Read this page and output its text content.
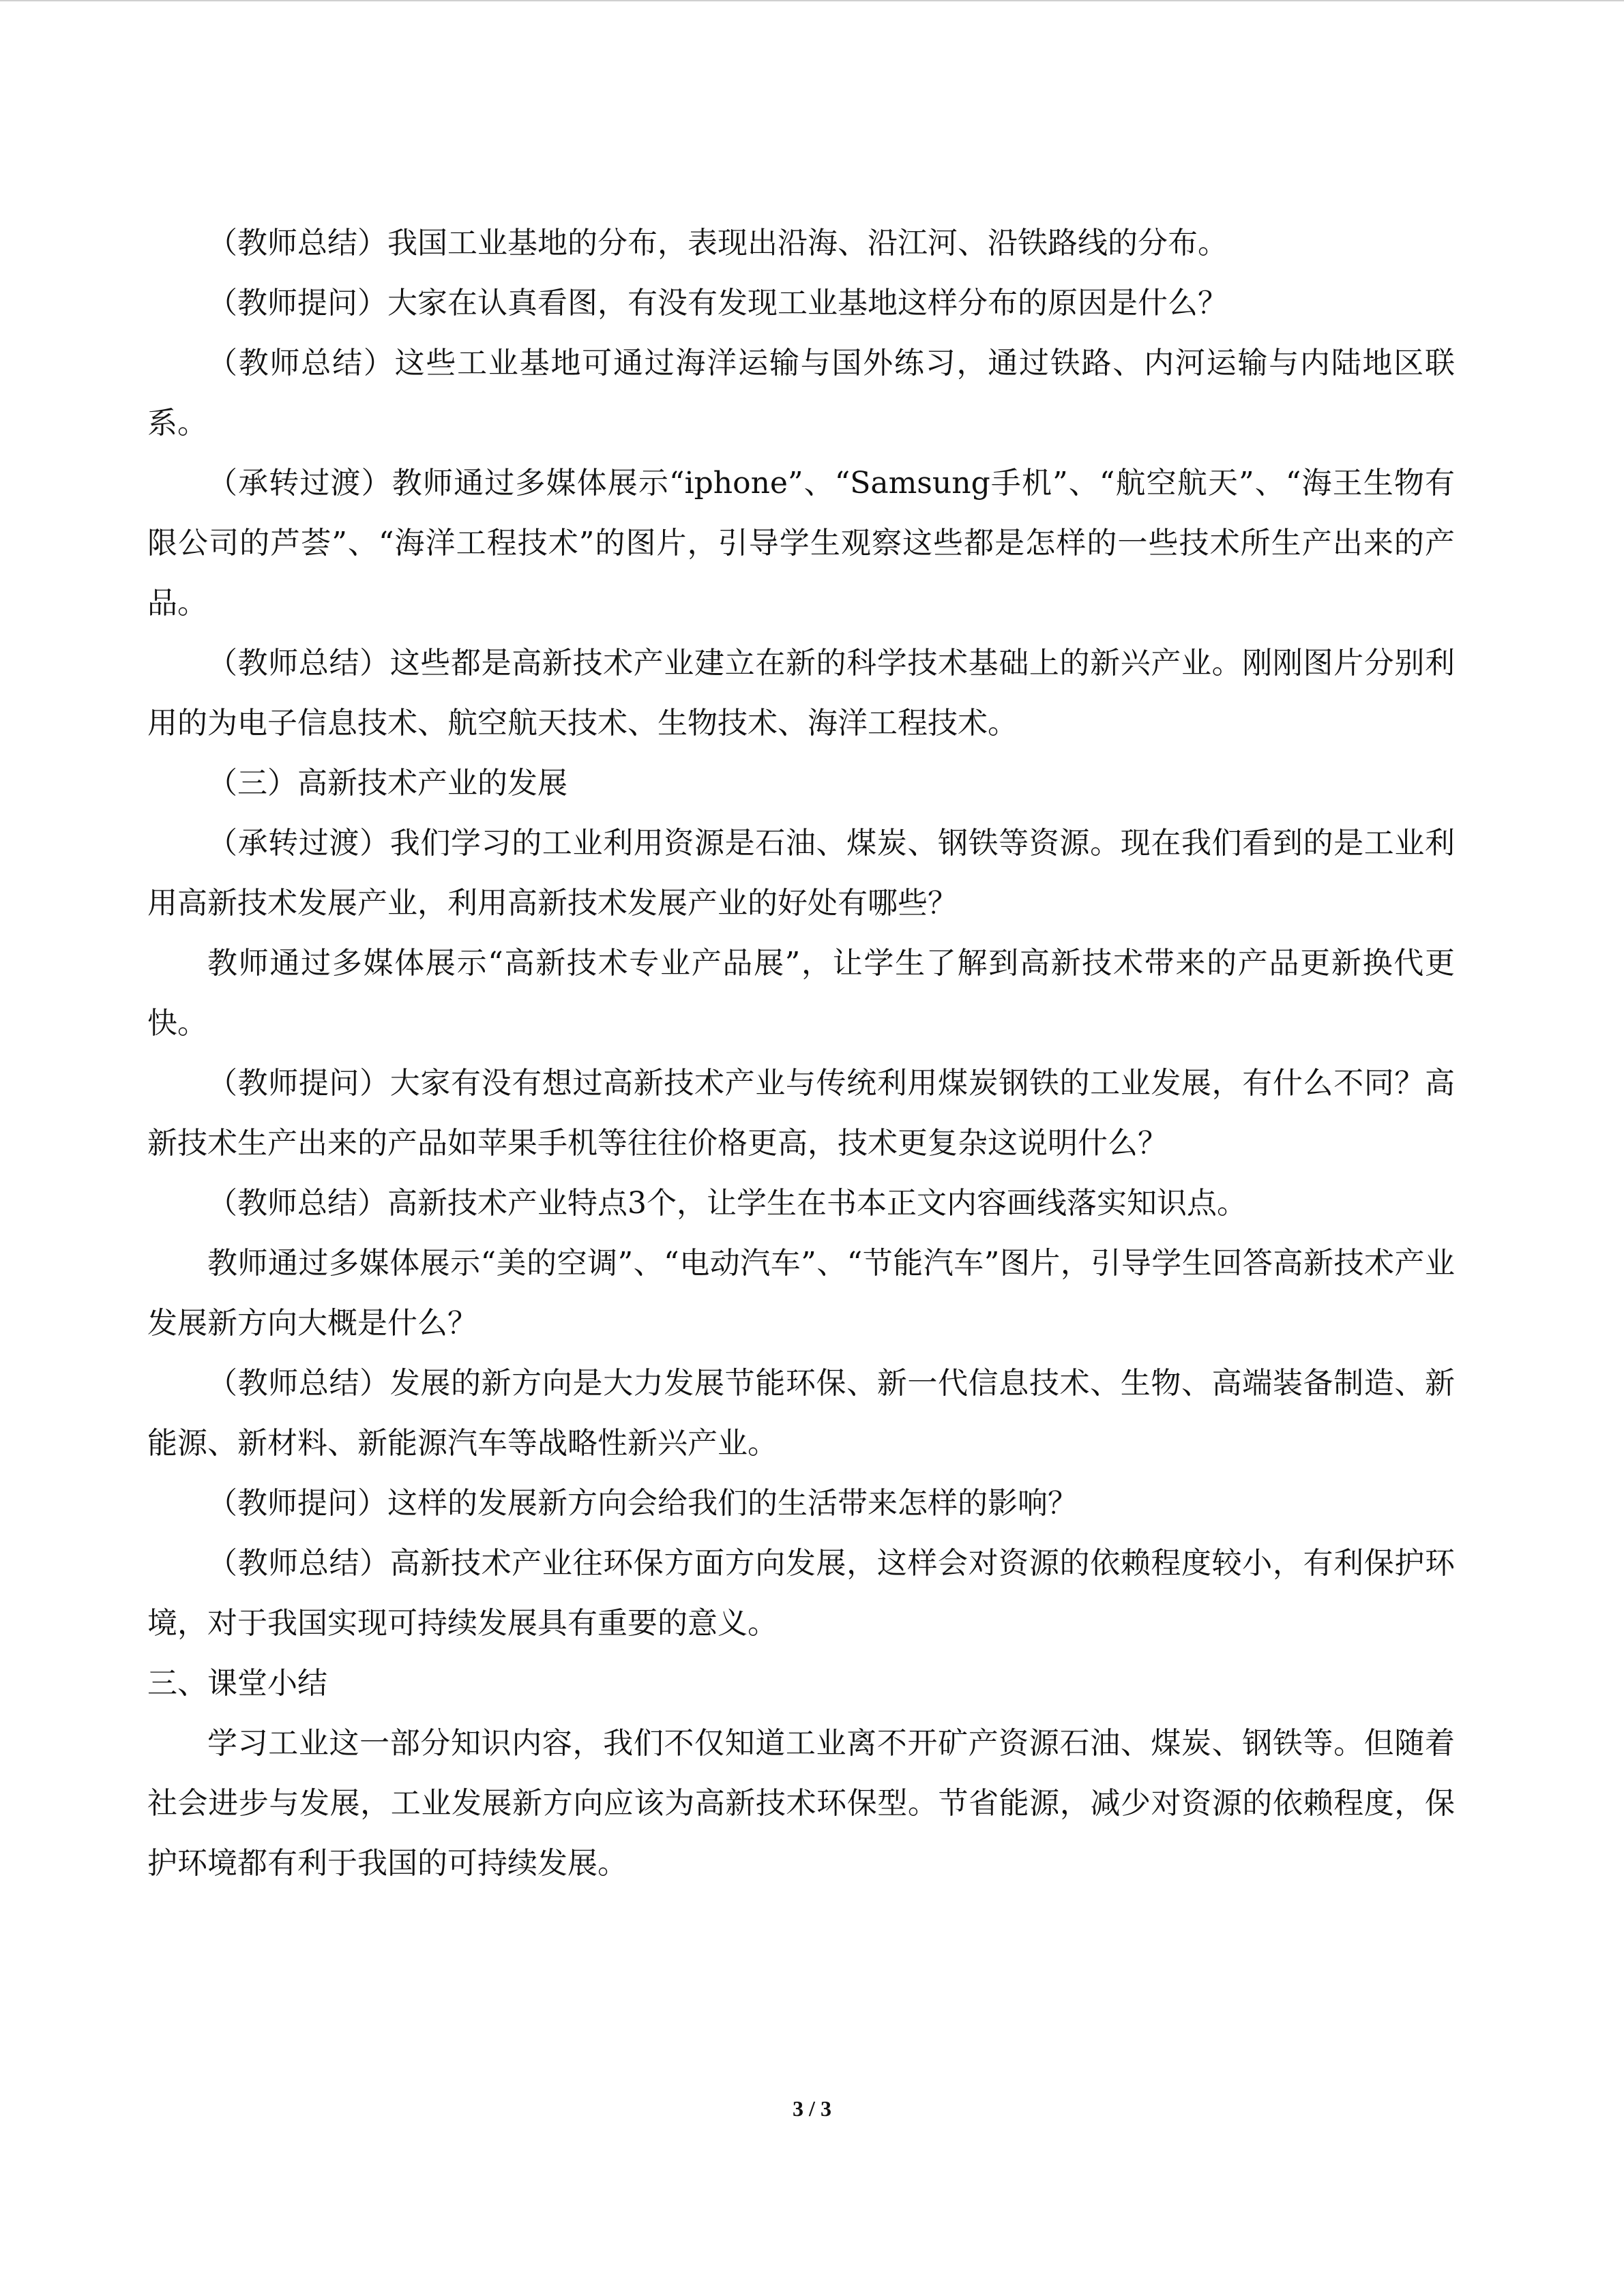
（教师总结）我国工业基地的分布，表现出沿海、沿江河、沿铁路线的分布。

（教师提问）大家在认真看图，有没有发现工业基地这样分布的原因是什么？

（教师总结）这些工业基地可通过海洋运输与国外练习，通过铁路、内河运输与内陆地区联系。

（承转过渡）教师通过多媒体展示“iphone”、“Samsung手机”、“航空航天”、“海王生物有限公司的芦荟”、“海洋工程技术”的图片，引导学生观察这些都是怎样的一些技术所生产出来的产品。

（教师总结）这些都是高新技术产业建立在新的科学技术基础上的新兴产业。刚刚图片分别利用的为电子信息技术、航空航天技术、生物技术、海洋工程技术。

（三）高新技术产业的发展

（承转过渡）我们学习的工业利用资源是石油、煤炭、钢铁等资源。现在我们看到的是工业利用高新技术发展产业，利用高新技术发展产业的好处有哪些？

教师通过多媒体展示“高新技术专业产品展”，让学生了解到高新技术带来的产品更新换代更快。

（教师提问）大家有没有想过高新技术产业与传统利用煤炭钢铁的工业发展，有什么不同？高新技术生产出来的产品如苹果手机等往往价格更高，技术更复杂这说明什么？

（教师总结）高新技术产业特点3个，让学生在书本正文内容画线落实知识点。

教师通过多媒体展示“美的空调”、“电动汽车”、“节能汽车”图片，引导学生回答高新技术产业发展新方向大概是什么？

（教师总结）发展的新方向是大力发展节能环保、新一代信息技术、生物、高端装备制造、新能源、新材料、新能源汽车等战略性新兴产业。

（教师提问）这样的发展新方向会给我们的生活带来怎样的影响？

（教师总结）高新技术产业往环保方面方向发展，这样会对资源的依赖程度较小，有利保护环境，对于我国实现可持续发展具有重要的意义。

三、课堂小结

学习工业这一部分知识内容，我们不仅知道工业离不开矿产资源石油、煤炭、钢铁等。但随着社会进步与发展，工业发展新方向应该为高新技术环保型。节省能源，减少对资源的依赖程度，保护环境都有利于我国的可持续发展。

3 / 3
